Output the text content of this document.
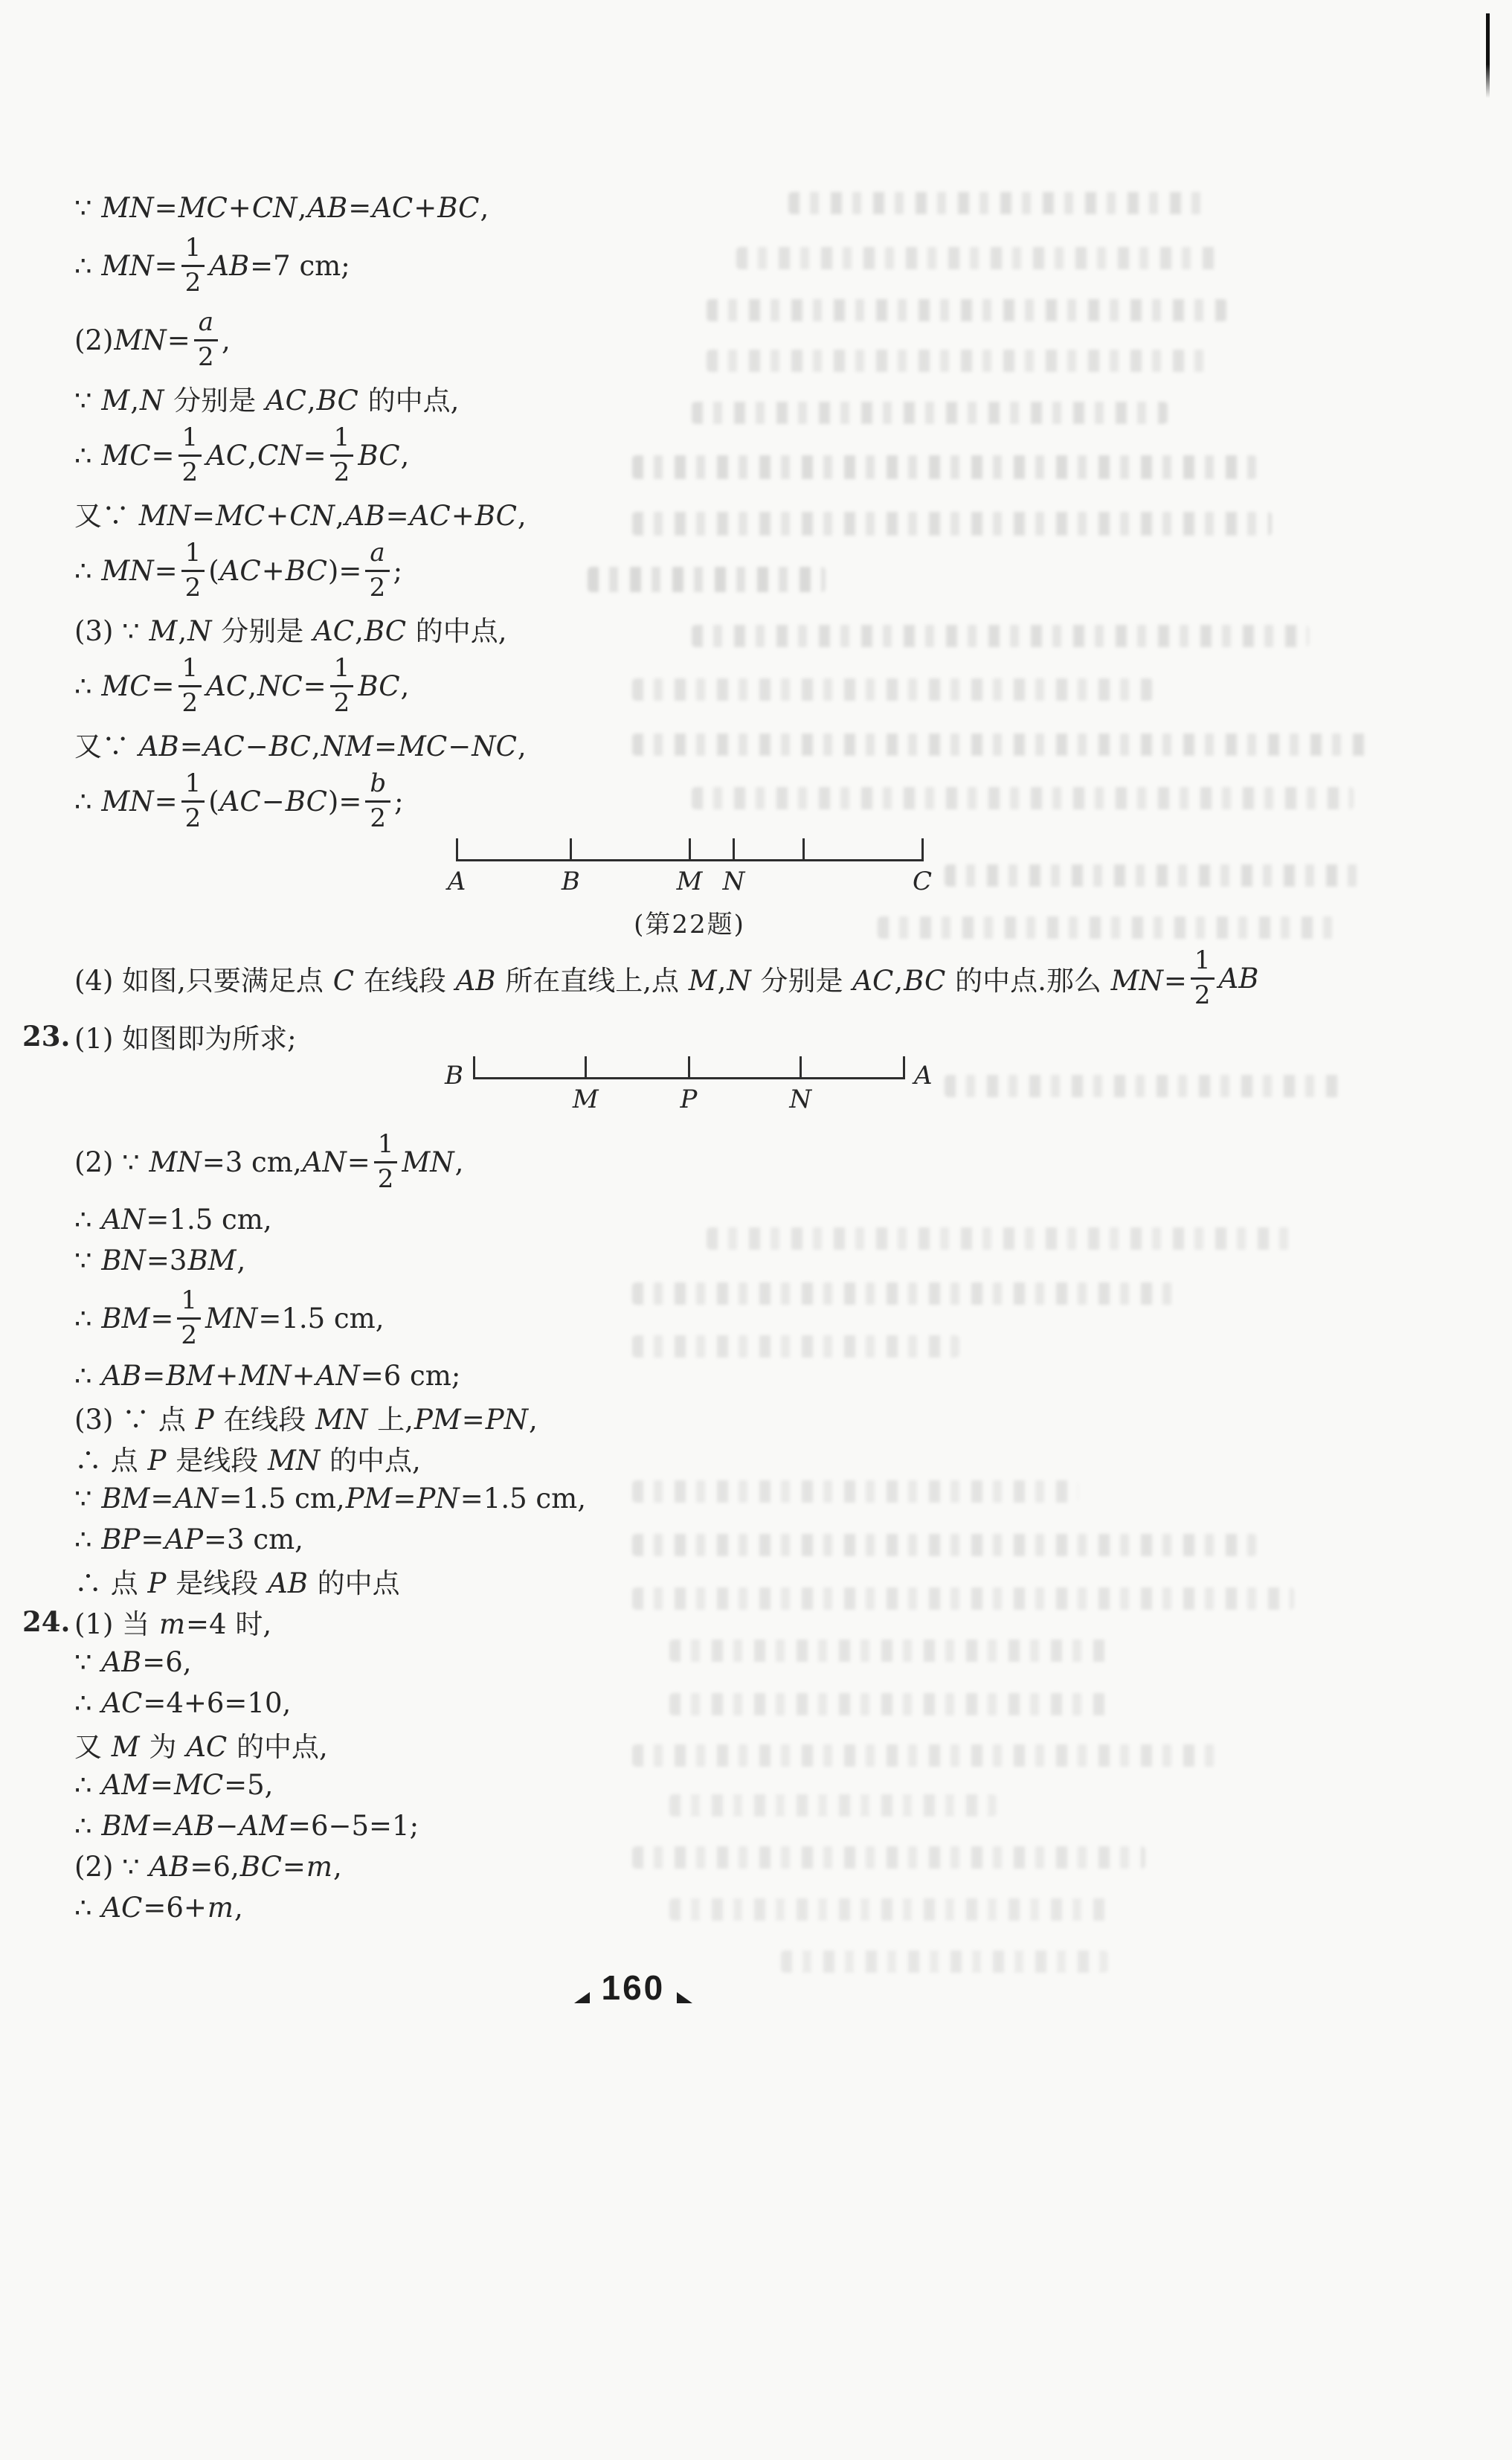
∵ MN=MC+CN,AB=AC+BC,
∴ $MN= \frac{1}{2} AB=7$ cm;
$(2)MN= \frac{a}{2}$ ,
∵ M,N 分别是 AC,BC 的中点,
∴ $MC= \frac{1}{2} AC,CN= \frac{1}{2}$ BC,
又∵ MN=MC+CN,AB=AC+BC,
∴ $MN= \frac{1}{2} (AC+BC)= \frac{a}{2}$ ;
(3) ∵ M,N 分别是 AC,BC 的中点,
∴ $MC= \frac{1}{2} AC,NC= \frac{1}{2}$ BC,
又∵ AB=AC−BC,NM=MC−NC,
∴ $MN= \frac{1}{2} (AC-BC)= \frac{b}{2}$ ;
A	B	M N	C
(第22题)
(4) 如图,只要满足点 C 在线段 AB 所在直线上,点 M,N 分别是 AC,BC 的中点.那么 $MN= \frac{1}{2}$ AB
23. (1) 如图即为所求;
B	A
M	P	N
(2) ∵ MN=3 $cm,AN= \frac{1}{2}$ MN,
∴ AN=1.5 cm,
∵ BN=3BM,
∴ $BM= \frac{1}{2} MN=1.5$ cm,
∴ AB=BM+MN+AN=6 cm;
(3) ∵ 点 P 在线段 MN 上,PM=PN,
∴ 点 P 是线段 MN 的中点,
∵ BM=AN=1.5 cm,PM=PN=1.5 cm,
∴ BP=AP=3 cm,
∴ 点 P 是线段 AB 的中点
24. (1) 当 m=4 时,
∵ AB=6,
∴ AC=4+6=10,
又 M 为 AC 的中点,
∴ AM=MC=5,
∴ BM=AB−AM=6−5=1;
(2) ∵ AB=6,BC=m,
∴ AC=6+m,
160
